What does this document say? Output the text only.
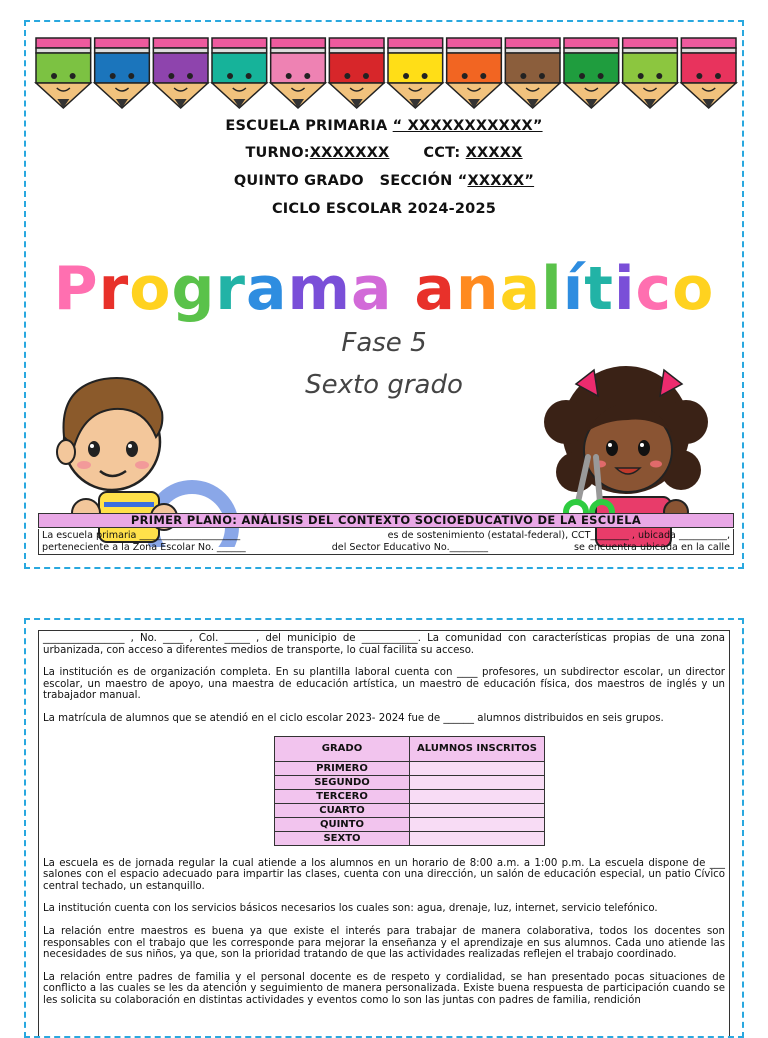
ESCUELA PRIMARIA “ XXXXXXXXXXX”
TURNO:XXXXXXX CCT: XXXXX
QUINTO GRADO   SECCIÓN “XXXXX”
CICLO ESCOLAR 2024-2025
Programa analítico
Fase 5
Sexto grado
PRIMER PLANO: ANÁLISIS DEL CONTEXTO SOCIOEDUCATIVO DE LA ESCUELA
La escuela primaria _____________________	es de sostenimiento (estatal-federal), CCT________ , ubicada __________,
perteneciente a la Zona Escolar No. ______	del Sector Educativo No.________	se encuentra ubicada en la calle

________________ , No. ____ , Col. _____ , del municipio de ___________. La comunidad con características propias de una zona urbanizada, con acceso a diferentes medios de transporte, lo cual facilita su acceso.

La institución es de organización completa. En su plantilla laboral cuenta con ____ profesores, un subdirector escolar, un director escolar, un maestro de apoyo, una maestra de educación artística, un maestro de educación física, dos maestros de inglés y un trabajador manual.

La matrícula de alumnos que se atendió en el ciclo escolar 2023- 2024 fue de ______ alumnos distribuidos en seis grupos.

GRADO	ALUMNOS INSCRITOS
PRIMERO	
SEGUNDO	
TERCERO	
CUARTO	
QUINTO	
SEXTO	

La escuela es de jornada regular la cual atiende a los alumnos en un horario de 8:00 a.m. a 1:00 p.m. La escuela dispone de ___ salones con el espacio adecuado para impartir las clases, cuenta con una dirección, un salón de educación especial, un patio Cívico central techado, un estanquillo.

La institución cuenta con los servicios básicos necesarios los cuales son: agua, drenaje, luz, internet, servicio telefónico.

La relación entre maestros es buena ya que existe el interés para trabajar de manera colaborativa, todos los docentes son responsables con el trabajo que les corresponde para mejorar la enseñanza y el aprendizaje en sus alumnos. Cada uno atiende las necesidades de sus niños, ya que, son la prioridad tratando de que las actividades realizadas reflejen el trabajo coordinado.

La relación entre padres de familia y el personal docente es de respeto y cordialidad, se han presentado pocas situaciones de conflicto a las cuales se les da atención y seguimiento de manera personalizada. Existe buena respuesta de participación cuando se les solicita su colaboración en distintas actividades y eventos como lo son las juntas con padres de familia, rendición
